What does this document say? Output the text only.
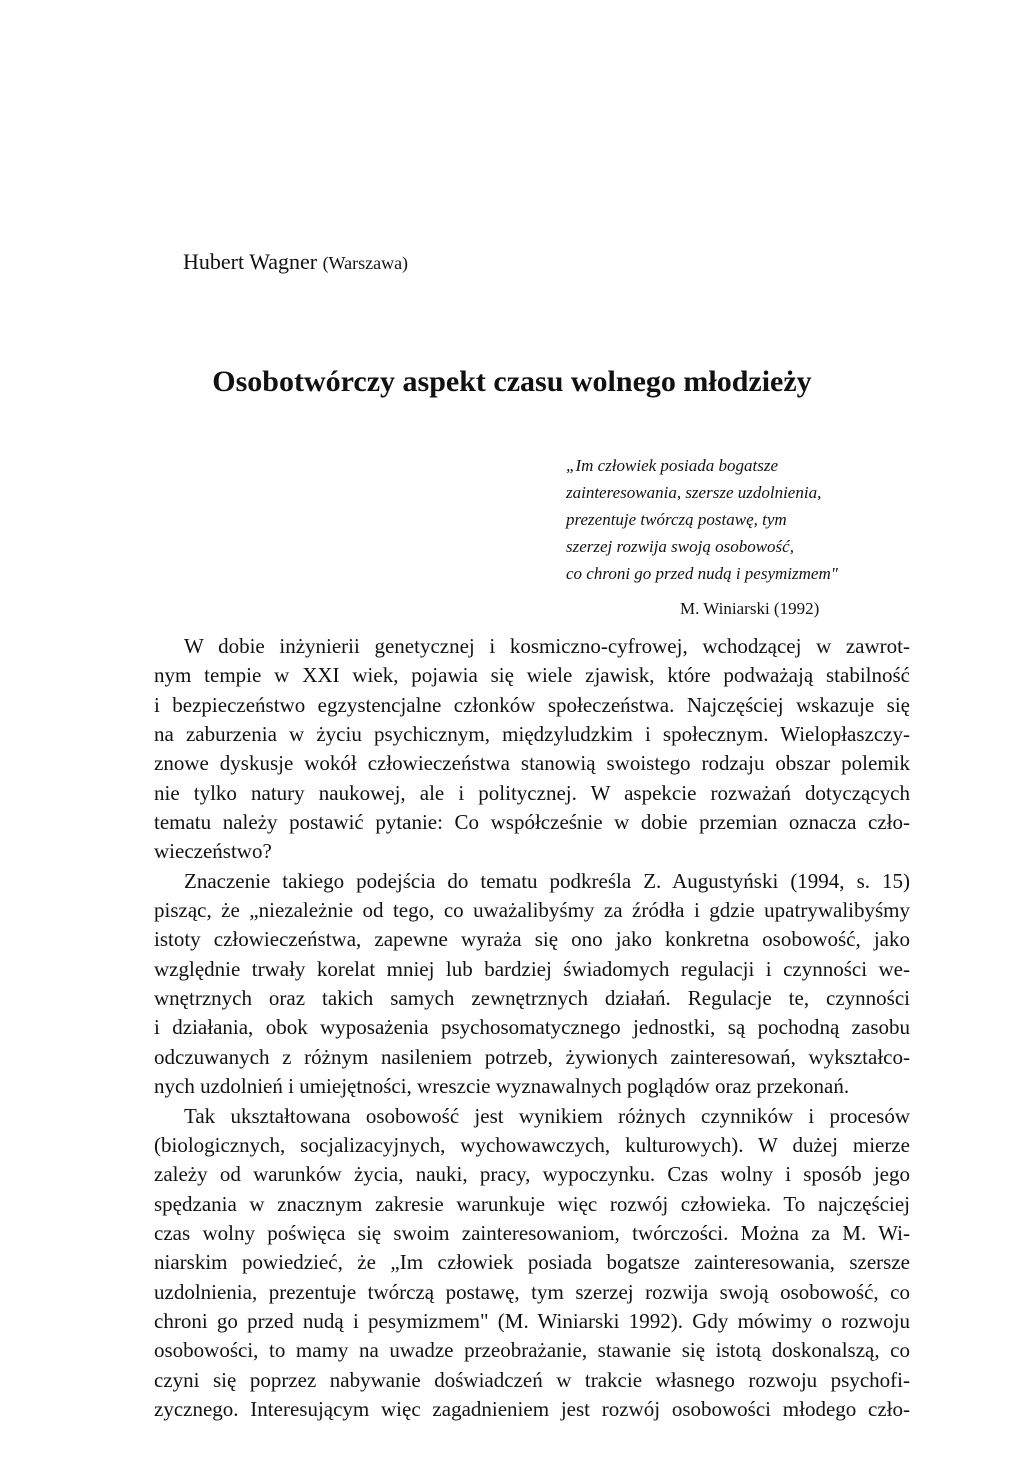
Hubert Wagner (Warszawa)
Osobotwórczy aspekt czasu wolnego młodzieży
„Im człowiek posiada bogatsze
zainteresowania, szersze uzdolnienia,
prezentuje twórczą postawę, tym
szerzej rozwija swoją osobowość,
co chroni go przed nudą i pesymizmem"
M. Winiarski (1992)
W dobie inżynierii genetycznej i kosmiczno-cyfrowej, wchodzącej w zawrot-
nym tempie w XXI wiek, pojawia się wiele zjawisk, które podważają stabilność
i bezpieczeństwo egzystencjalne członków społeczeństwa. Najczęściej wskazuje się
na zaburzenia w życiu psychicznym, międzyludzkim i społecznym. Wielopłaszczy-
znowe dyskusje wokół człowieczeństwa stanowią swoistego rodzaju obszar polemik
nie tylko natury naukowej, ale i politycznej. W aspekcie rozważań dotyczących
tematu należy postawić pytanie: Co współcześnie w dobie przemian oznacza czło-
wieczeństwo?
Znaczenie takiego podejścia do tematu podkreśla Z. Augustyński (1994, s. 15)
pisząc, że „niezależnie od tego, co uważalibyśmy za źródła i gdzie upatrywalibyśmy
istoty człowieczeństwa, zapewne wyraża się ono jako konkretna osobowość, jako
względnie trwały korelat mniej lub bardziej świadomych regulacji i czynności we-
wnętrznych oraz takich samych zewnętrznych działań. Regulacje te, czynności
i działania, obok wyposażenia psychosomatycznego jednostki, są pochodną zasobu
odczuwanych z różnym nasileniem potrzeb, żywionych zainteresowań, wykształco-
nych uzdolnień i umiejętności, wreszcie wyznawalnych poglądów oraz przekonań.
Tak ukształtowana osobowość jest wynikiem różnych czynników i procesów
(biologicznych, socjalizacyjnych, wychowawczych, kulturowych). W dużej mierze
zależy od warunków życia, nauki, pracy, wypoczynku. Czas wolny i sposób jego
spędzania w znacznym zakresie warunkuje więc rozwój człowieka. To najczęściej
czas wolny poświęca się swoim zainteresowaniom, twórczości. Można za M. Wi-
niarskim powiedzieć, że „Im człowiek posiada bogatsze zainteresowania, szersze
uzdolnienia, prezentuje twórczą postawę, tym szerzej rozwija swoją osobowość, co
chroni go przed nudą i pesymizmem" (M. Winiarski 1992). Gdy mówimy o rozwoju
osobowości, to mamy na uwadze przeobrażanie, stawanie się istotą doskonalszą, co
czyni się poprzez nabywanie doświadczeń w trakcie własnego rozwoju psychofi-
zycznego. Interesującym więc zagadnieniem jest rozwój osobowości młodego czło-
